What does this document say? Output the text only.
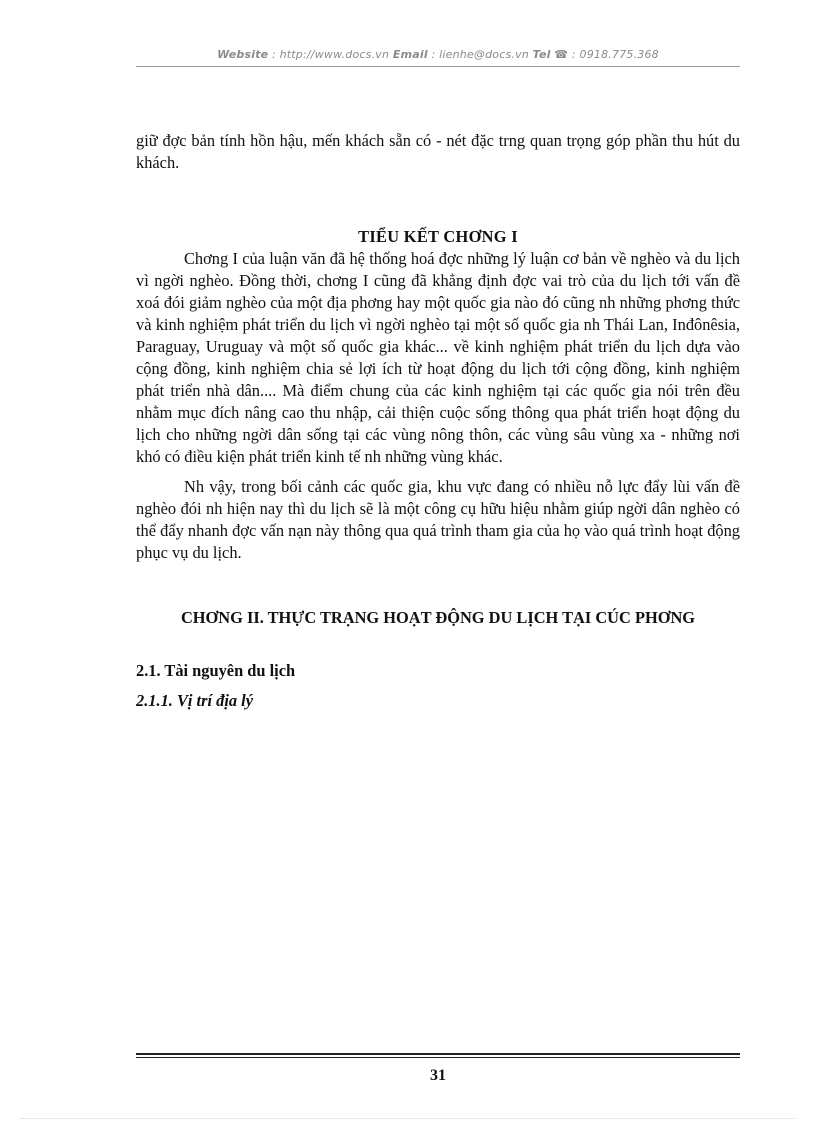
Website : http://www.docs.vn Email : lienhe@docs.vn Tel ☎ : 0918.775.368

giữ đợc bản tính hồn hậu, mến khách sẵn có - nét đặc trng quan trọng góp phần thu hút du khách.

TIỂU KẾT CHƠNG I

Chơng I của luận văn đã hệ thống hoá đợc những lý luận cơ bản về nghèo và du lịch vì ngời nghèo. Đồng thời, chơng I cũng đã khẳng định đợc vai trò của du lịch tới vấn đề xoá đói giảm nghèo của một địa phơng hay một quốc gia nào đó cũng nh những phơng thức và kinh nghiệm phát triển du lịch vì ngời nghèo tại một số quốc gia nh Thái Lan, Inđônêsia, Paraguay, Uruguay và một số quốc gia khác... về kinh nghiệm phát triển du lịch dựa vào cộng đồng, kinh nghiệm chia sẻ lợi ích từ hoạt động du lịch tới cộng đồng, kinh nghiệm phát triển nhà dân.... Mà điểm chung của các kinh nghiệm tại các quốc gia nói trên đều nhằm mục đích nâng cao thu nhập, cải thiện cuộc sống thông qua phát triển hoạt động du lịch cho những ngời dân sống tại các vùng nông thôn, các vùng sâu vùng xa - những nơi khó có điều kiện phát triển kinh tế nh những vùng khác.

Nh vậy, trong bối cảnh các quốc gia, khu vực đang có nhiều nỗ lực đẩy lùi vấn đề nghèo đói nh hiện nay thì du lịch sẽ là một công cụ hữu hiệu nhằm giúp ngời dân nghèo có thể đẩy nhanh đợc vấn nạn này thông qua quá trình tham gia của họ vào quá trình hoạt động phục vụ du lịch.

CHƠNG II. THỰC TRẠNG HOẠT ĐỘNG DU LỊCH TẠI CÚC PHƠNG

2.1. Tài nguyên du lịch

2.1.1. Vị trí địa lý

31
